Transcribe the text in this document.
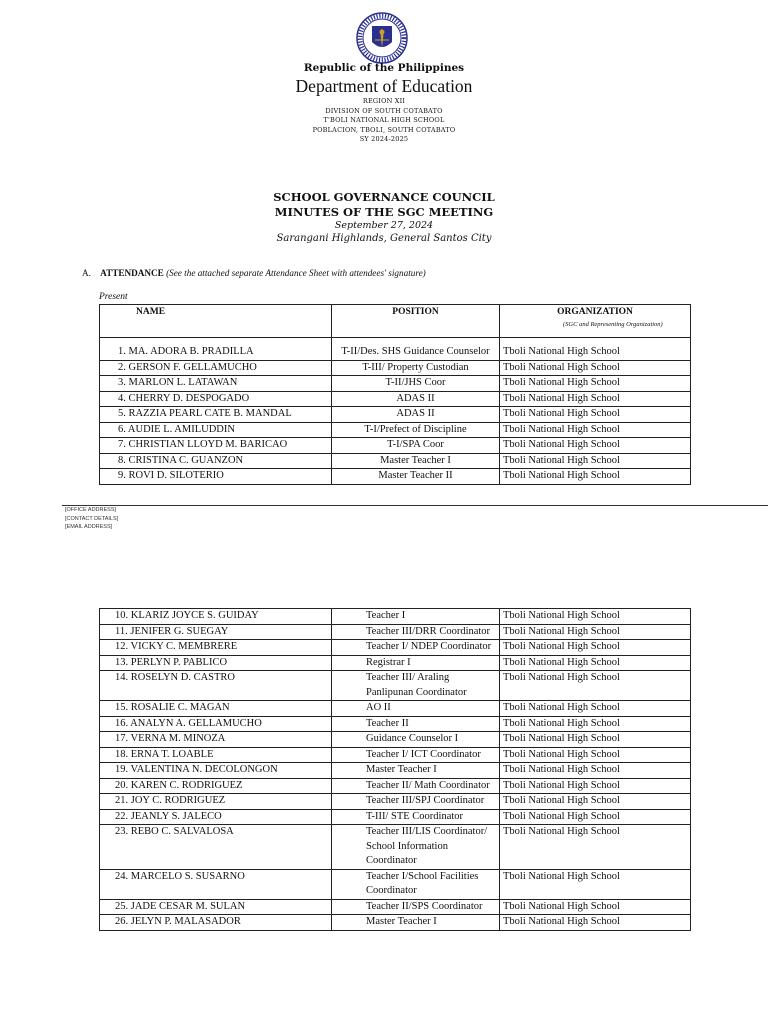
Republic of the Philippines
Department of Education
REGION XII
DIVISION OF SOUTH COTABATO
T'BOLI NATIONAL HIGH SCHOOL
POBLACION, TBOLI, SOUTH COTABATO
SY 2024-2025
SCHOOL GOVERNANCE COUNCIL
MINUTES OF THE SGC MEETING
September 27, 2024
Sarangani Highlands, General Santos City
A. ATTENDANCE (See the attached separate Attendance Sheet with attendees' signature)
Present
NAME	POSITION	ORGANIZATION
(SGC and Representing Organization)

1. MA. ADORA B. PRADILLA	T-II/Des. SHS Guidance Counselor	Tboli National High School
2. GERSON F. GELLAMUCHO	T-III/ Property Custodian	Tboli National High School
3. MARLON L. LATAWAN	T-II/JHS Coor	Tboli National High School
4. CHERRY D. DESPOGADO	ADAS II	Tboli National High School
5. RAZZIA PEARL CATE B. MANDAL	ADAS II	Tboli National High School
6. AUDIE L. AMILUDDIN	T-I/Prefect of Discipline	Tboli National High School
7. CHRISTIAN LLOYD M. BARICAO	T-I/SPA Coor	Tboli National High School
8. CRISTINA C. GUANZON	Master Teacher I	Tboli National High School
9. ROVI D. SILOTERIO	Master Teacher II	Tboli National High School
[OFFICE ADDRESS]
[CONTACT DETAILS]
[EMAIL ADDRESS]
10. KLARIZ JOYCE S. GUIDAY	Teacher I	Tboli National High School
11. JENIFER G. SUEGAY	Teacher III/DRR Coordinator	Tboli National High School
12. VICKY C. MEMBRERE	Teacher I/ NDEP Coordinator	Tboli National High School
13. PERLYN P. PABLICO	Registrar I	Tboli National High School
14. ROSELYN D. CASTRO	Teacher III/ Araling Panlipunan Coordinator	Tboli National High School
15. ROSALIE C. MAGAN	AO II	Tboli National High School
16. ANALYN A. GELLAMUCHO	Teacher II	Tboli National High School
17. VERNA M. MINOZA	Guidance Counselor I	Tboli National High School
18. ERNA T. LOABLE	Teacher I/ ICT Coordinator	Tboli National High School
19. VALENTINA N. DECOLONGON	Master Teacher I	Tboli National High School
20. KAREN C. RODRIGUEZ	Teacher II/ Math Coordinator	Tboli National High School
21. JOY C. RODRIGUEZ	Teacher III/SPJ Coordinator	Tboli National High School
22. JEANLY S. JALECO	T-III/ STE Coordinator	Tboli National High School
23. REBO C. SALVALOSA	Teacher III/LIS Coordinator/ School Information Coordinator	Tboli National High School
24. MARCELO S. SUSARNO	Teacher I/School Facilities Coordinator	Tboli National High School
25. JADE CESAR M. SULAN	Teacher II/SPS Coordinator	Tboli National High School
26. JELYN P. MALASADOR	Master Teacher I	Tboli National High School
